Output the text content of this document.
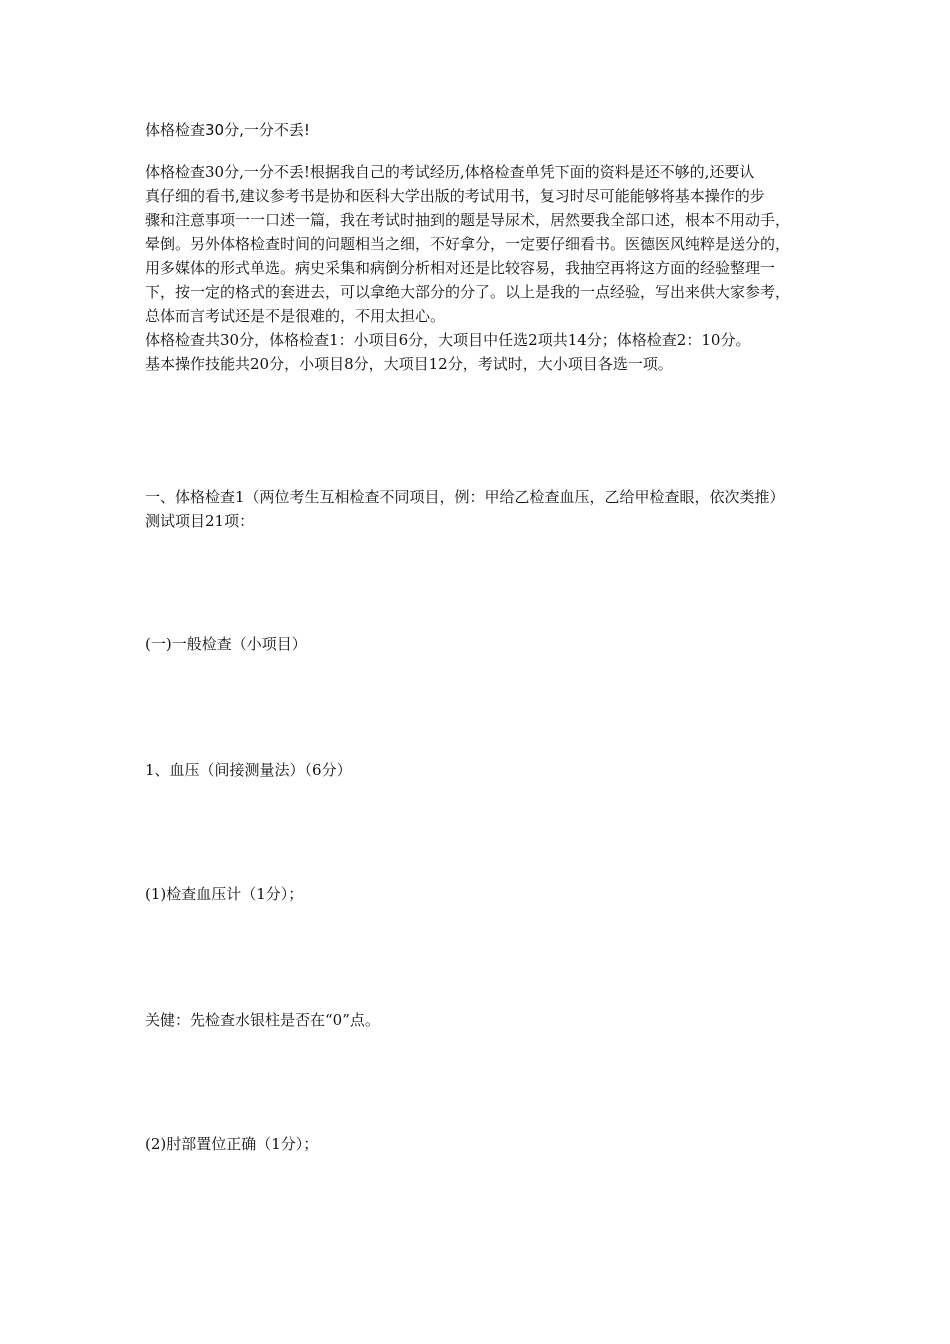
体格检查30分,一分不丢!
体格检查30分,一分不丢!根据我自己的考试经历,体格检查单凭下面的资料是还不够的,还要认
真仔细的看书,建议参考书是协和医科大学出版的考试用书，复习时尽可能能够将基本操作的步
骤和注意事项一一口述一篇，我在考试时抽到的题是导尿术，居然要我全部口述，根本不用动手，
晕倒。另外体格检查时间的问题相当之细，不好拿分，一定要仔细看书。医德医风纯粹是送分的，
用多媒体的形式单选。病史采集和病倒分析相对还是比较容易，我抽空再将这方面的经验整理一
下，按一定的格式的套进去，可以拿绝大部分的分了。以上是我的一点经验，写出来供大家参考，
总体而言考试还是不是很难的，不用太担心。
体格检查共30分，体格检查1：小项目6分，大项目中任选2项共14分；体格检查2：10分。
基本操作技能共20分，小项目8分，大项目12分，考试时，大小项目各选一项。
一、体格检查1（两位考生互相检查不同项目，例：甲给乙检查血压，乙给甲检查眼，依次类推）
测试项目21项：
(一)一般检查（小项目）
1、血压（间接测量法）（6分）
(1)检查血压计（1分）；
关健：先检查水银柱是否在“0”点。
(2)肘部置位正确（1分）；
